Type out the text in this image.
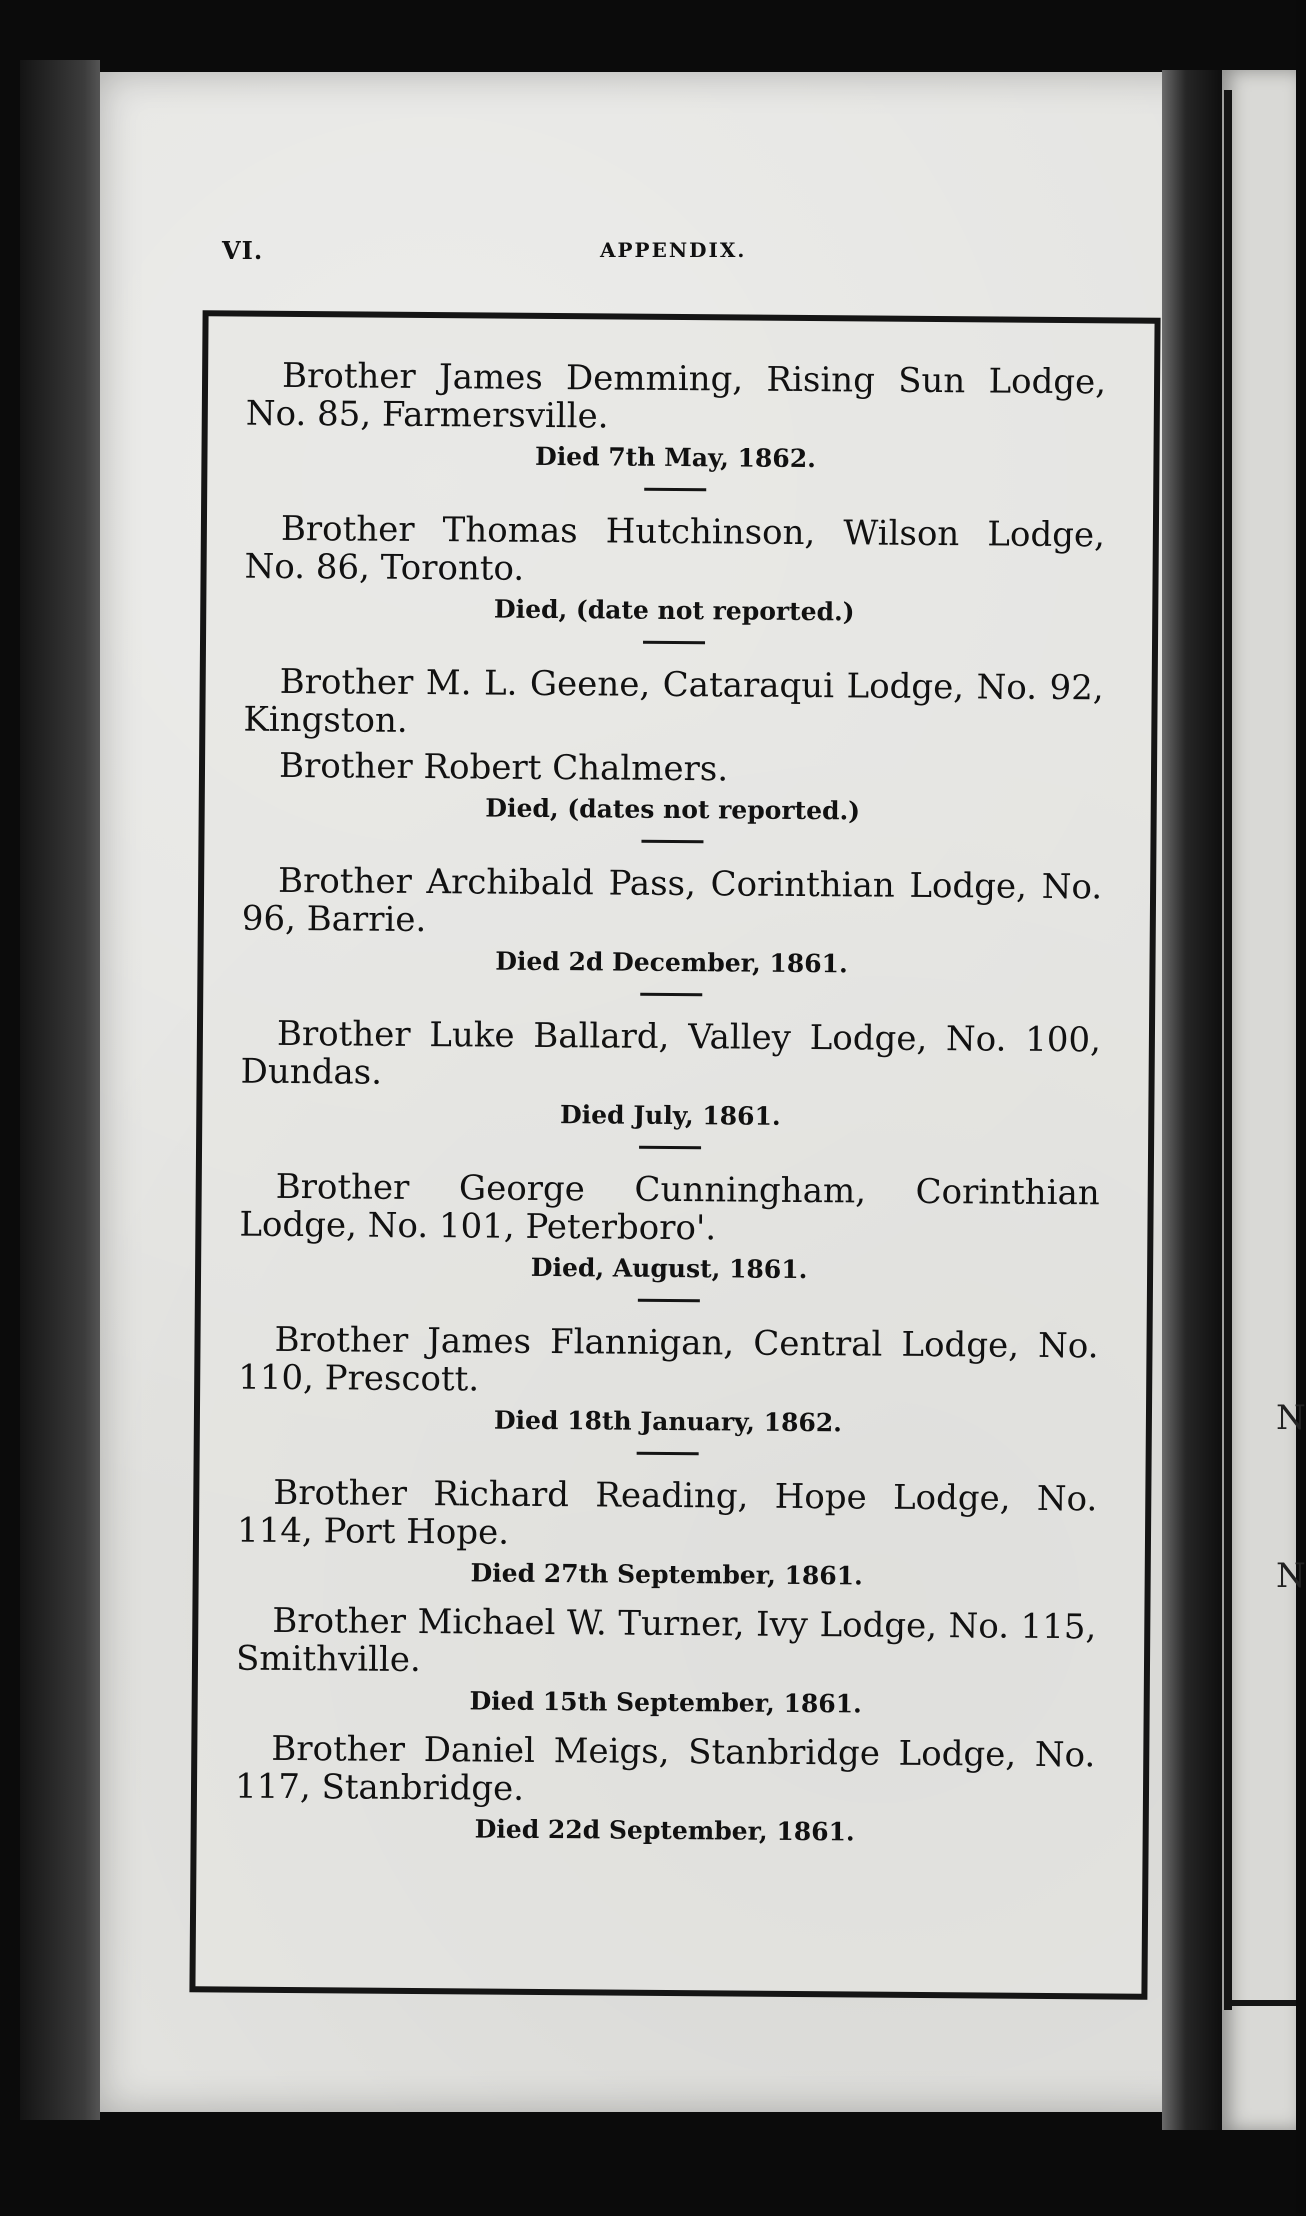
N
N
VI.	APPENDIX.

Brother James Demming, Rising Sun Lodge, No. 85, Farmersville.

Died 7th May, 1862.

Brother Thomas Hutchinson, Wilson Lodge, No. 86, Toronto.

Died, (date not reported.)

Brother M. L. Geene, Cataraqui Lodge, No. 92, Kingston.

Brother Robert Chalmers.

Died, (dates not reported.)

Brother Archibald Pass, Corinthian Lodge, No. 96, Barrie.

Died 2d December, 1861.

Brother Luke Ballard, Valley Lodge, No. 100, Dundas.

Died July, 1861.

Brother George Cunningham, Corinthian Lodge, No. 101, Peterboro'.

Died, August, 1861.

Brother James Flannigan, Central Lodge, No. 110, Prescott.

Died 18th January, 1862.

Brother Richard Reading, Hope Lodge, No. 114, Port Hope.

Died 27th September, 1861.

Brother Michael W. Turner, Ivy Lodge, No. 115, Smithville.

Died 15th September, 1861.

Brother Daniel Meigs, Stanbridge Lodge, No. 117, Stanbridge.

Died 22d September, 1861.
